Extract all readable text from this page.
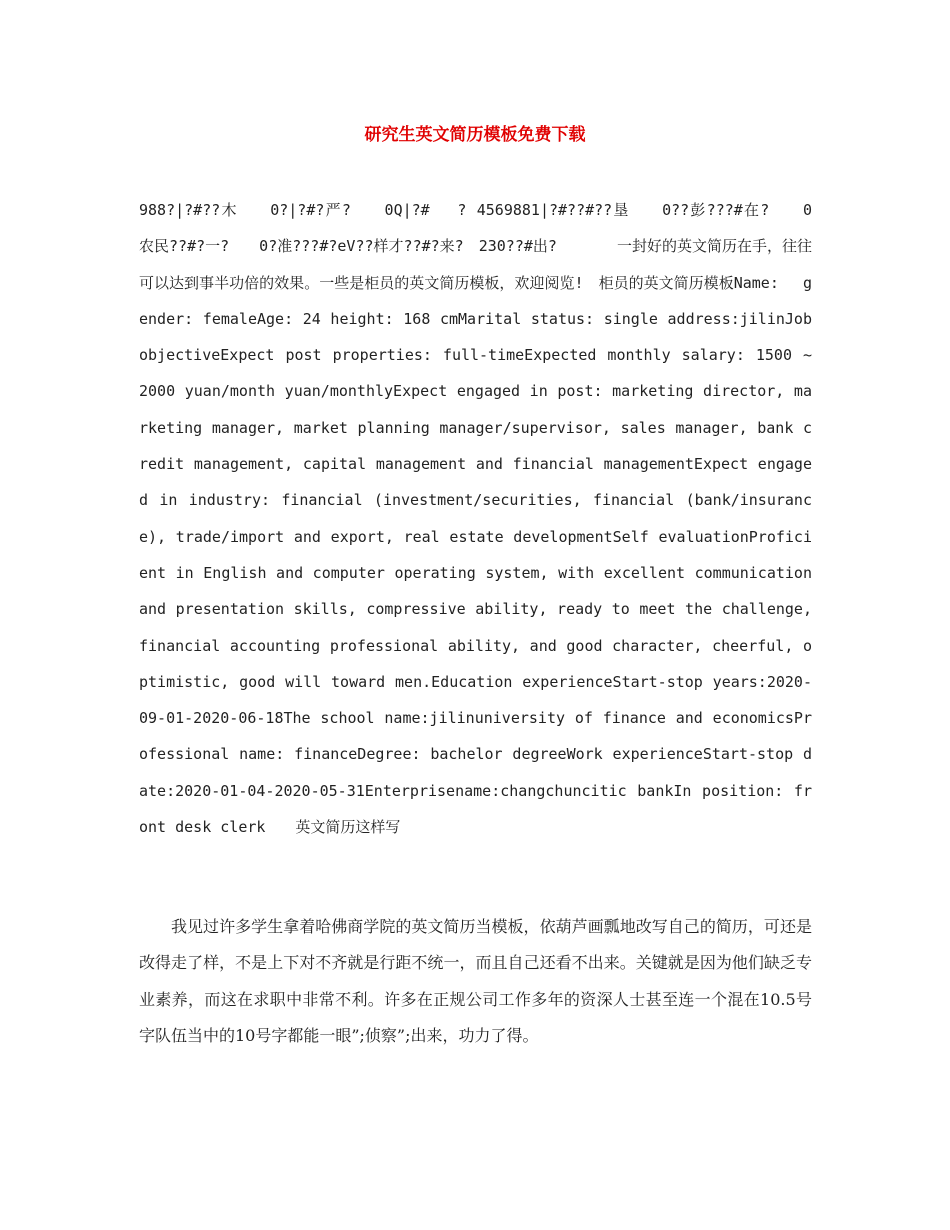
研究生英文简历模板免费下载

988?|?#??木　　0?|?#?严?　　0Q|?#　 ? 4569881|?#??#??垦　　0??彭???#在?　　0　农民??#?一?　　0?准???#?eV??样才??#?来?　230??#出?　　　　一封好的英文简历在手，往往可以达到事半功倍的效果。一些是柜员的英文简历模板，欢迎阅览!　柜员的英文简历模板Name:　 gender: femaleAge: 24 height: 168 cmMarital status: single address:jilinJob objectiveExpect post properties: full-timeExpected monthly salary: 1500 ~ 2000 yuan/month yuan/monthlyExpect engaged in post: marketing director, marketing manager, market planning manager/supervisor, sales manager, bank credit management, capital management and financial managementExpect engaged in industry: financial (investment/securities, financial (bank/insurance), trade/import and export, real estate developmentSelf evaluationProficient in English and computer operating system, with excellent communication and presentation skills, compressive ability, ready to meet the challenge, financial accounting professional ability, and good character, cheerful, optimistic, good will toward men.Education experienceStart-stop years:2020-09-01-2020-06-18The school name:jilinuniversity of finance and economicsProfessional name: financeDegree: bachelor degreeWork experienceStart-stop date:2020-01-04-2020-05-31Enterprisename:changchuncitic bankIn position: front desk clerk　　英文简历这样写

我见过许多学生拿着哈佛商学院的英文简历当模板，依葫芦画瓢地改写自己的简历，可还是改得走了样，不是上下对不齐就是行距不统一，而且自己还看不出来。关键就是因为他们缺乏专业素养，而这在求职中非常不利。许多在正规公司工作多年的资深人士甚至连一个混在10.5号字队伍当中的10号字都能一眼”;侦察”;出来，功力了得。
